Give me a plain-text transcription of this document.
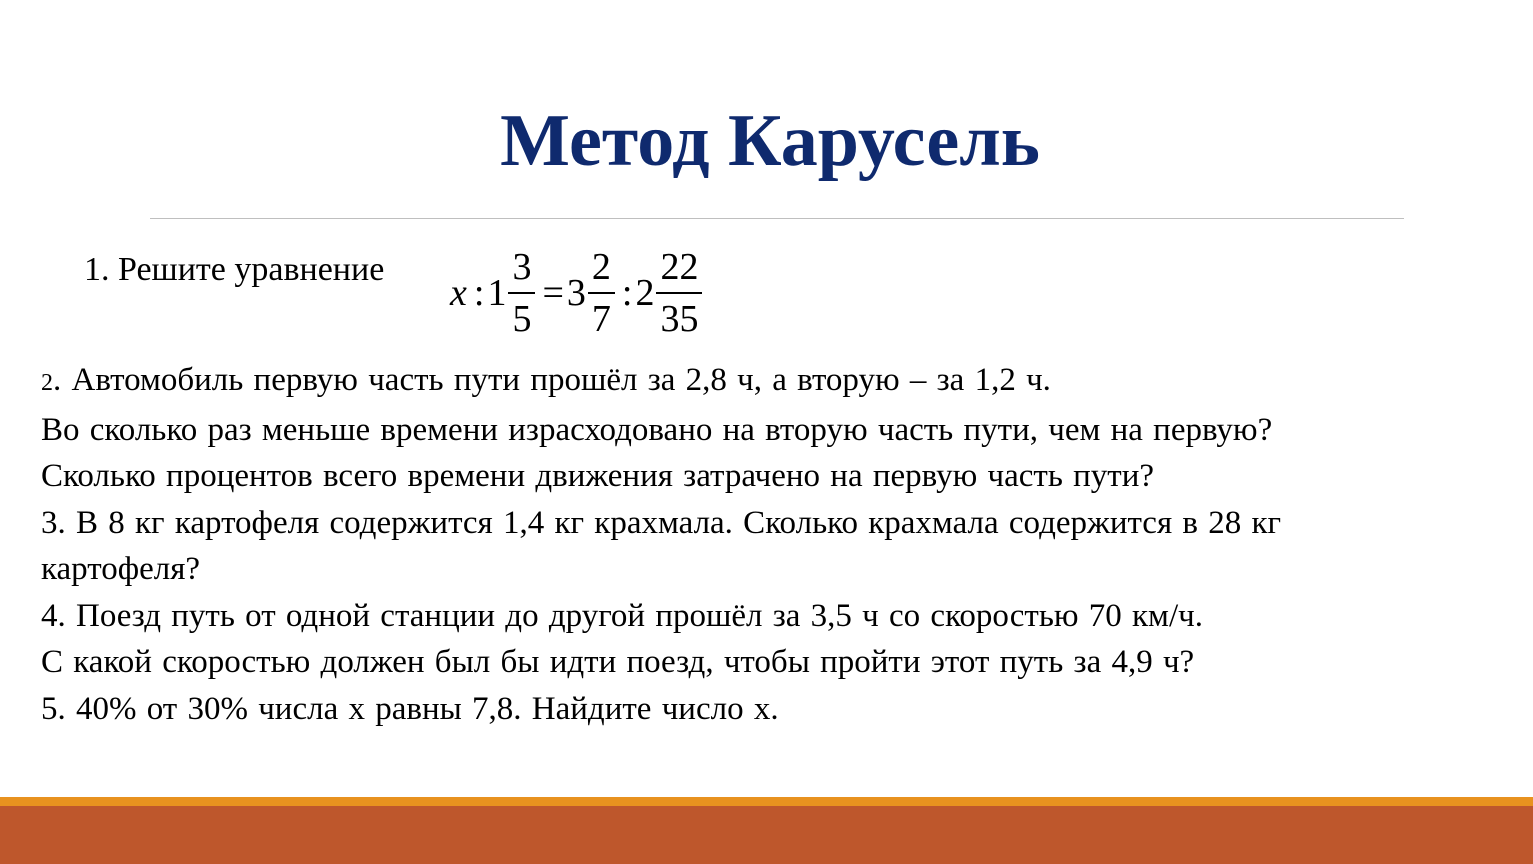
Метод Карусель
1. Решите уравнение
x : $1 \frac{3}{5} = 3 \frac{2}{7}$ : $2 \frac{22}{35}$
2. Автомобиль первую часть пути прошёл за 2,8 ч, а вторую – за 1,2 ч.
Во сколько раз меньше времени израсходовано на вторую часть пути, чем на первую?
Сколько процентов всего времени движения затрачено на первую часть пути?
3. В 8 кг картофеля содержится 1,4 кг крахмала. Сколько крахмала содержится в 28 кг
картофеля?
4. Поезд путь от одной станции до другой прошёл за 3,5 ч со скоростью 70 км/ч.
С какой скоростью должен был бы идти поезд, чтобы пройти этот путь за 4,9 ч?
5. 40% от 30% числа х равны 7,8. Найдите число х.
